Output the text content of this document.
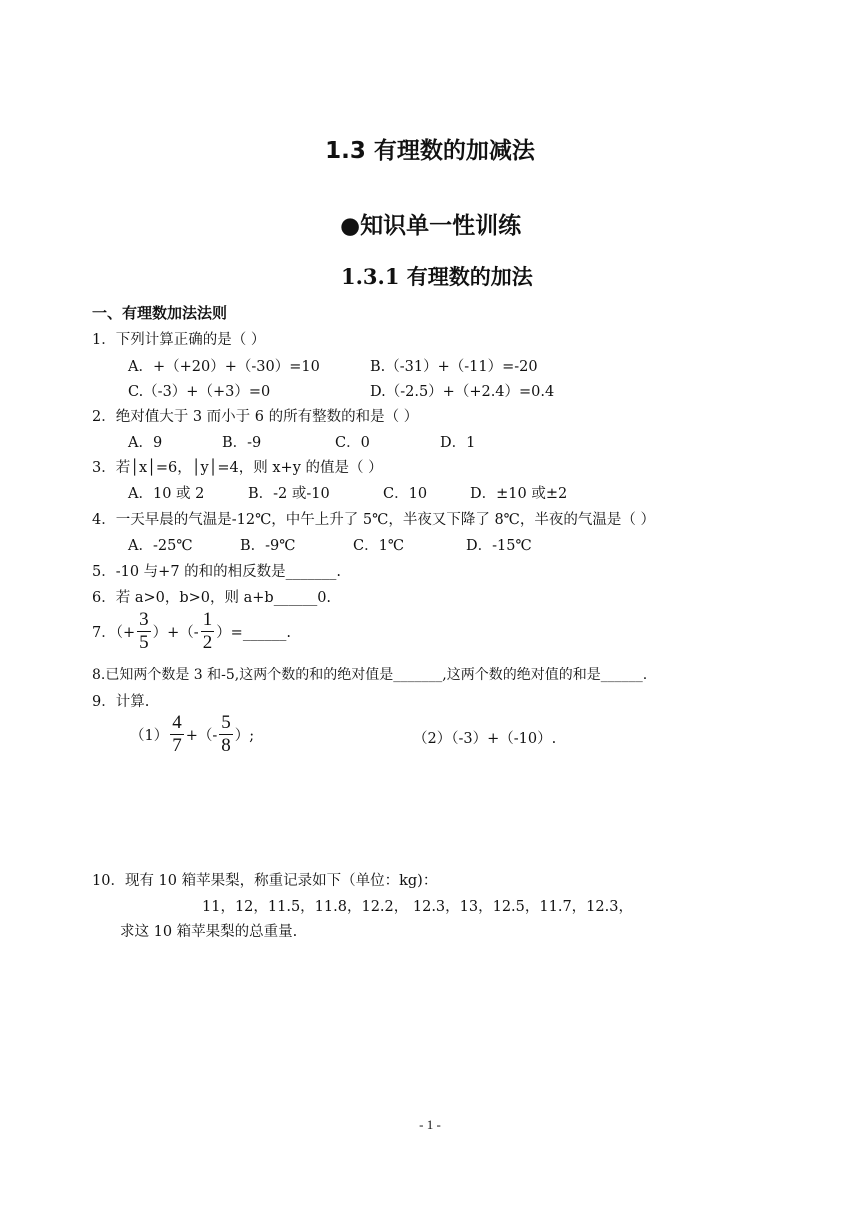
1.3 有理数的加减法
●知识单一性训练
1.3.1 有理数的加法
一、有理数加法法则
1．下列计算正确的是（ ）
A．+（+20）+（-30）=10	B.（-31）+（-11）=-20
C.（-3）+（+3）=0	D.（-2.5）+（+2.4）=0.4
2．绝对值大于 3 而小于 6 的所有整数的和是（ ）
A．9	B．-9	C．0	D．1
3．若│x│=6，│y│=4，则 x+y 的值是（ ）
A．10 或 2	B．-2 或-10	C．10	D．±10 或±2
4．一天早晨的气温是-12℃，中午上升了 5℃，半夜又下降了 8℃，半夜的气温是（ ）
A．-25℃	B．-9℃	C．1℃	D．-15℃
5．-10 与+7 的和的相反数是_______.
6．若 a>0，b>0，则 a+b______0.
7．（+ $\frac{3}{5}$ ）+（- $\frac{1}{2}$ ）=______.
8.已知两个数是 3 和-5,这两个数的和的绝对值是_______,这两个数的绝对值的和是______.
9．计算.
$(1) \frac{4}{7}$ +（- $\frac{5}{8}$ ）;	（2）（-3）+（-10）.
10．现有 10 箱苹果梨，称重记录如下（单位：kg)：
11，12，11.5，11.8，12.2， 12.3，13，12.5，11.7，12.3，
求这 10 箱苹果梨的总重量.
- 1 -
